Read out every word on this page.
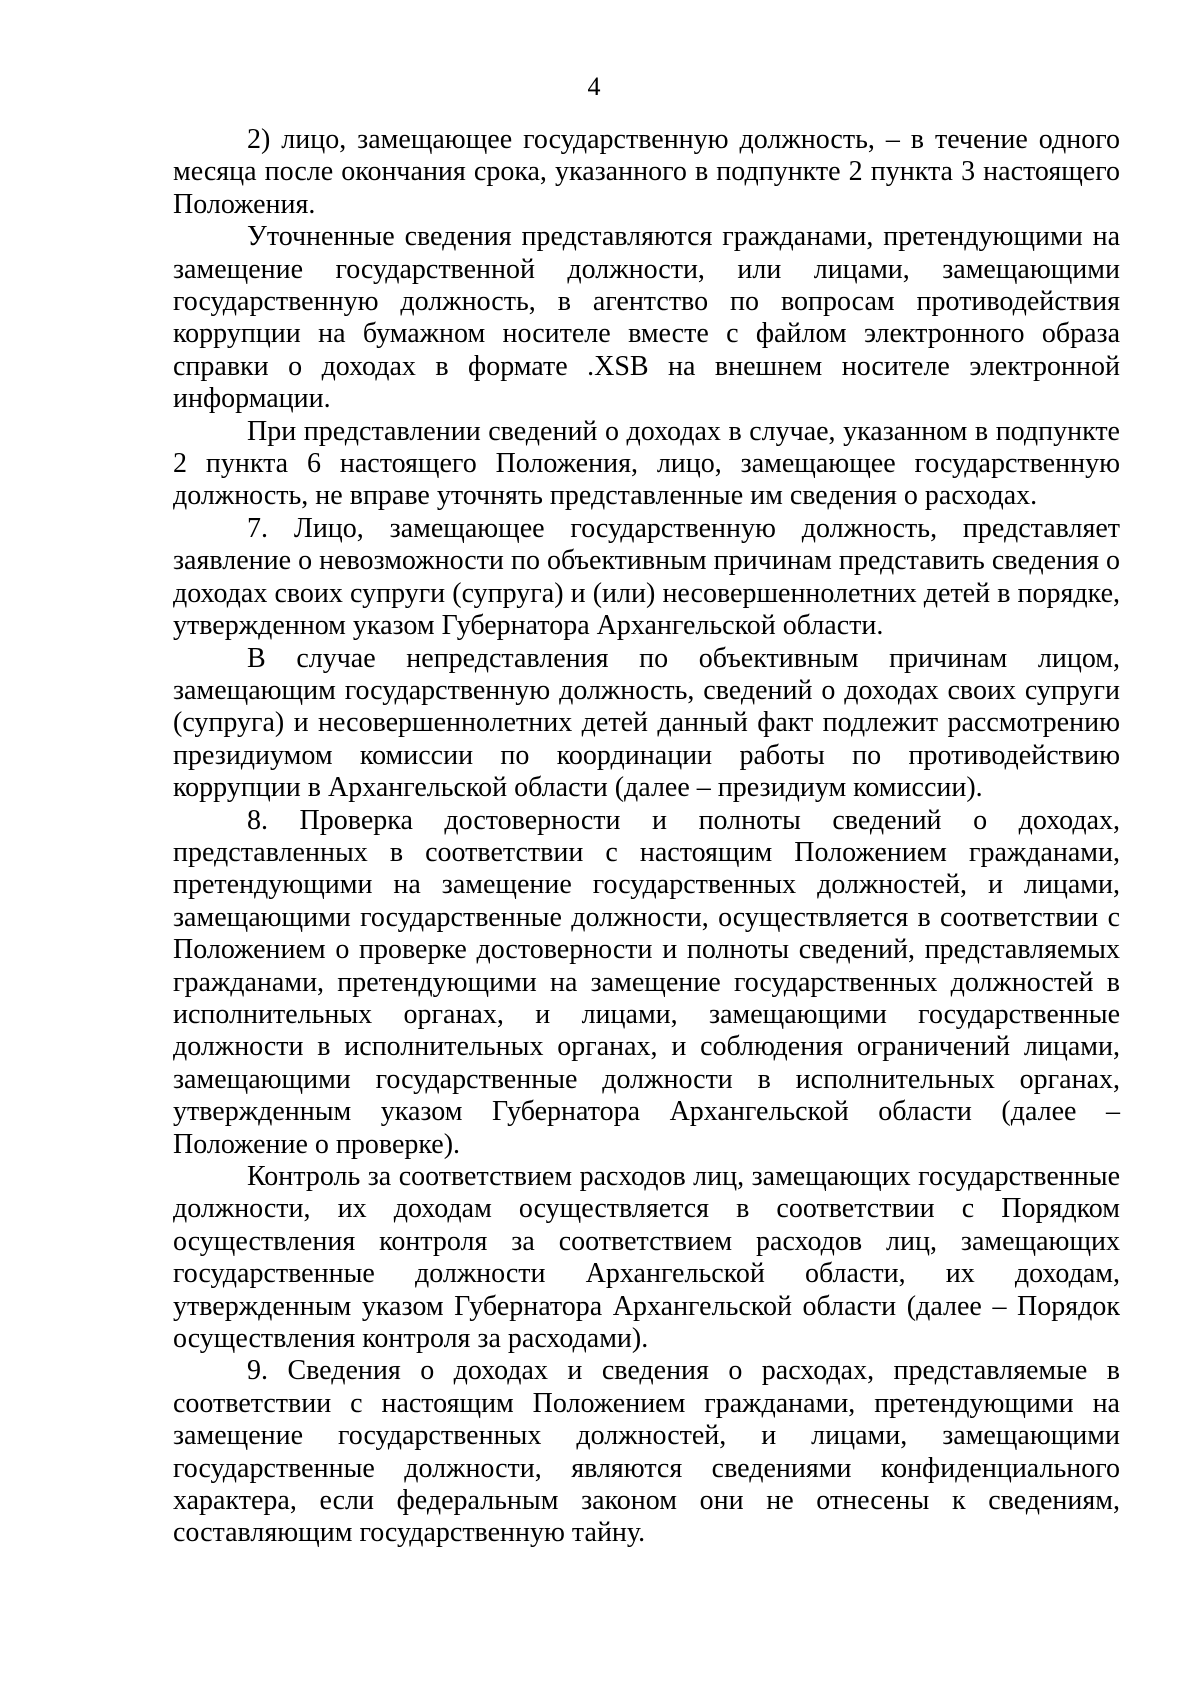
4

2) лицо, замещающее государственную должность, – в течение одного месяца после окончания срока, указанного в подпункте 2 пункта 3 настоящего Положения.

Уточненные сведения представляются гражданами, претендующими на замещение государственной должности, или лицами, замещающими государственную должность, в агентство по вопросам противодействия коррупции на бумажном носителе вместе с файлом электронного образа справки о доходах в формате .XSB на внешнем носителе электронной информации.

При представлении сведений о доходах в случае, указанном в подпункте 2 пункта 6 настоящего Положения, лицо, замещающее государственную должность, не вправе уточнять представленные им сведения о расходах.

7. Лицо, замещающее государственную должность, представляет заявление о невозможности по объективным причинам представить сведения о доходах своих супруги (супруга) и (или) несовершеннолетних детей в порядке, утвержденном указом Губернатора Архангельской области.

В случае непредставления по объективным причинам лицом, замещающим государственную должность, сведений о доходах своих супруги (супруга) и несовершеннолетних детей данный факт подлежит рассмотрению президиумом комиссии по координации работы по противодействию коррупции в Архангельской области (далее – президиум комиссии).

8. Проверка достоверности и полноты сведений о доходах, представленных в соответствии с настоящим Положением гражданами, претендующими на замещение государственных должностей, и лицами, замещающими государственные должности, осуществляется в соответствии с Положением о проверке достоверности и полноты сведений, представляемых гражданами, претендующими на замещение государственных должностей в исполнительных органах, и лицами, замещающими государственные должности в исполнительных органах, и соблюдения ограничений лицами, замещающими государственные должности в исполнительных органах, утвержденным указом Губернатора Архангельской области (далее – Положение о проверке).

Контроль за соответствием расходов лиц, замещающих государственные должности, их доходам осуществляется в соответствии с Порядком осуществления контроля за соответствием расходов лиц, замещающих государственные должности Архангельской области, их доходам, утвержденным указом Губернатора Архангельской области (далее – Порядок осуществления контроля за расходами).

9. Сведения о доходах и сведения о расходах, представляемые в соответствии с настоящим Положением гражданами, претендующими на замещение государственных должностей, и лицами, замещающими государственные должности, являются сведениями конфиденциального характера, если федеральным законом они не отнесены к сведениям, составляющим государственную тайну.
